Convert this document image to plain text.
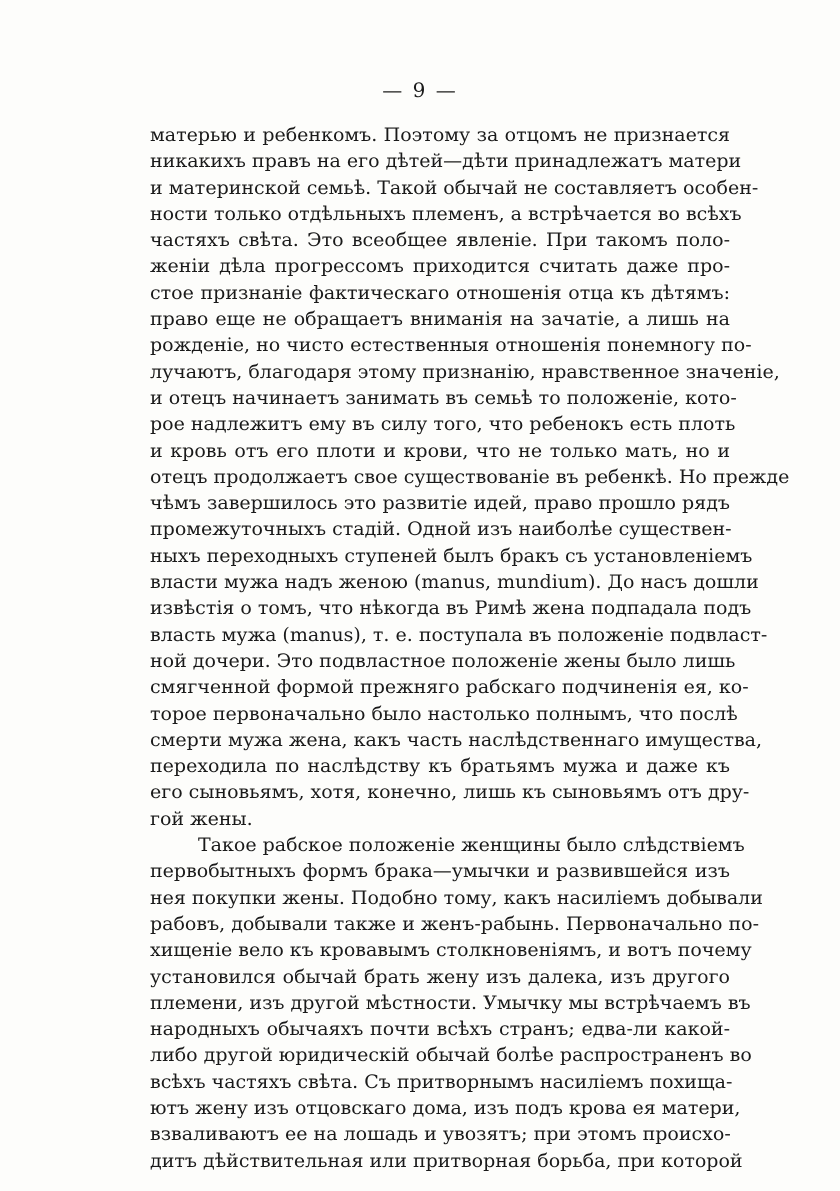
— 9 —
матерью и ребенкомъ. Поэтому за отцомъ не признается
никакихъ правъ на его дѣтей—дѣти принадлежатъ матери
и материнской семьѣ. Такой обычай не составляетъ особен-
ности только отдѣльныхъ племенъ, а встрѣчается во всѣхъ
частяхъ свѣта. Это всеобщее явленіе. При такомъ поло-
женіи дѣла прогрессомъ приходится считать даже про-
стое признаніе фактическаго отношенія отца къ дѣтямъ:
право еще не обращаетъ вниманія на зачатіе, а лишь на
рожденіе, но чисто естественныя отношенія понемногу по-
лучаютъ, благодаря этому признанію, нравственное значеніе,
и отецъ начинаетъ занимать въ семьѣ то положеніе, кото-
рое надлежитъ ему въ силу того, что ребенокъ есть плоть
и кровь отъ его плоти и крови, что не только мать, но и
отецъ продолжаетъ свое существованіе въ ребенкѣ. Но прежде
чѣмъ завершилось это развитіе идей, право прошло рядъ
промежуточныхъ стадій. Одной изъ наиболѣе существен-
ныхъ переходныхъ ступеней былъ бракъ съ установленіемъ
власти мужа надъ женою (manus, mundium). До насъ дошли
извѣстія о томъ, что нѣкогда въ Римѣ жена подпадала подъ
власть мужа (manus), т. е. поступала въ положеніе подвласт-
ной дочери. Это подвластное положеніе жены было лишь
смягченной формой прежняго рабскаго подчиненія ея, ко-
торое первоначально было настолько полнымъ, что послѣ
смерти мужа жена, какъ часть наслѣдственнаго имущества,
переходила по наслѣдству къ братьямъ мужа и даже къ
его сыновьямъ, хотя, конечно, лишь къ сыновьямъ отъ дру-
гой жены.
Такое рабское положеніе женщины было слѣдствіемъ
первобытныхъ формъ брака—умычки и развившейся изъ
нея покупки жены. Подобно тому, какъ насиліемъ добывали
рабовъ, добывали также и женъ-рабынь. Первоначально по-
хищеніе вело къ кровавымъ столкновеніямъ, и вотъ почему
установился обычай брать жену изъ далека, изъ другого
племени, изъ другой мѣстности. Умычку мы встрѣчаемъ въ
народныхъ обычаяхъ почти всѣхъ странъ; едва-ли какой-
либо другой юридическій обычай болѣе распространенъ во
всѣхъ частяхъ свѣта. Съ притворнымъ насиліемъ похища-
ютъ жену изъ отцовскаго дома, изъ подъ крова ея матери,
взваливаютъ ее на лошадь и увозятъ; при этомъ происхо-
дитъ дѣйствительная или притворная борьба, при которой
